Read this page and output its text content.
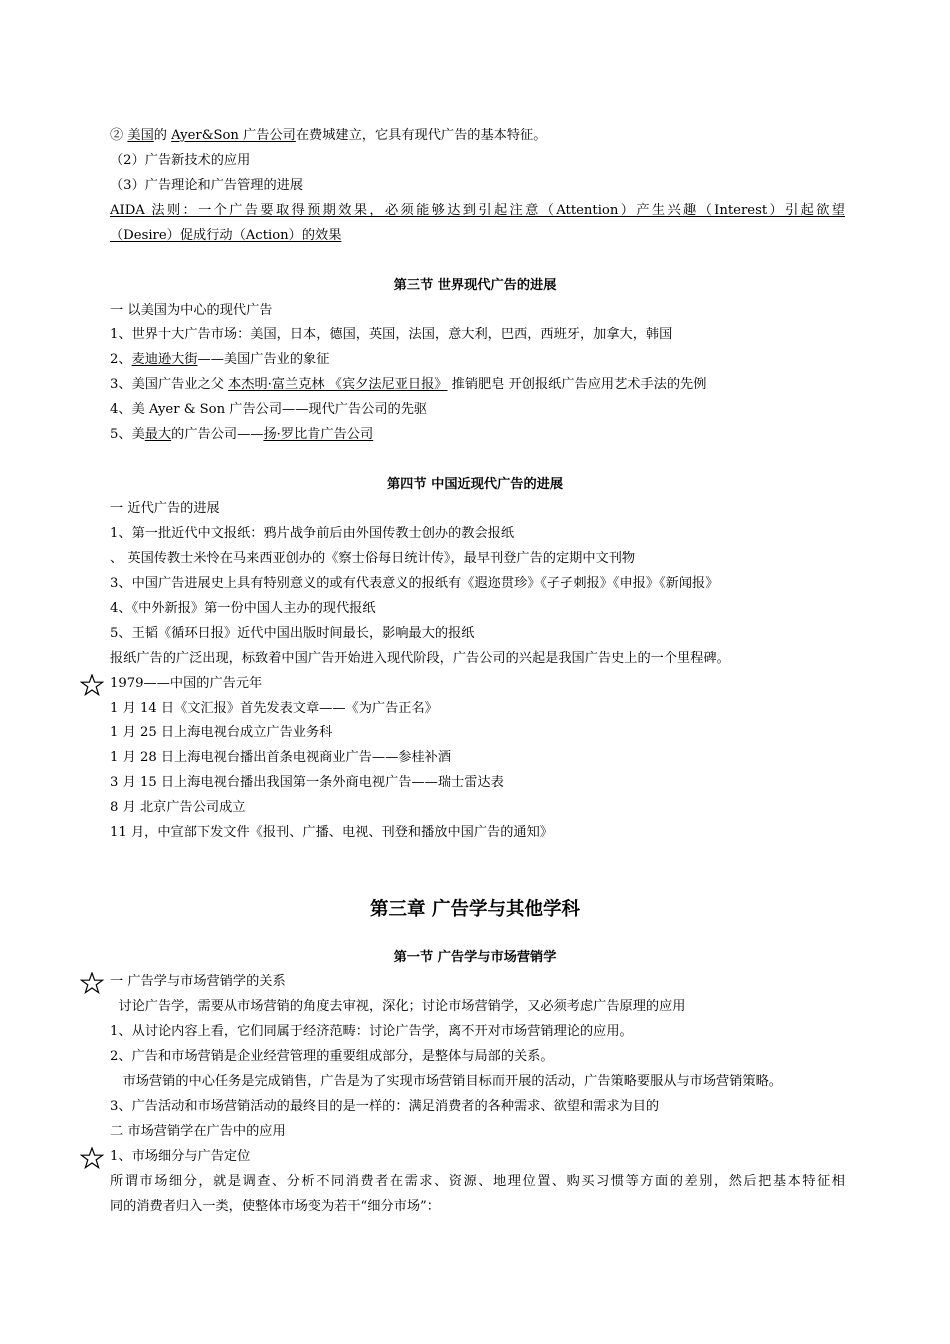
② 美国的 Ayer&Son 广告公司在费城建立，它具有现代广告的基本特征。
（2）广告新技术的应用
（3）广告理论和广告管理的进展
AIDA 法则：一个广告要取得预期效果，必须能够达到引起注意（Attention）产生兴趣（Interest）引起欲望
（Desire）促成行动（Action）的效果
第三节 世界现代广告的进展
一 以美国为中心的现代广告
1、世界十大广告市场：美国，日本，德国，英国，法国，意大利，巴西，西班牙，加拿大，韩国
2、麦迪逊大街——美国广告业的象征
3、美国广告业之父 本杰明·富兰克林 《宾夕法尼亚日报》 推销肥皂 开创报纸广告应用艺术手法的先例
4、美 Ayer & Son 广告公司——现代广告公司的先驱
5、美最大的广告公司——扬·罗比肯广告公司
第四节 中国近现代广告的进展
一 近代广告的进展
1、第一批近代中文报纸：鸦片战争前后由外国传教士创办的教会报纸
、 英国传教士米怜在马来西亚创办的《察士俗每日统计传》，最早刊登广告的定期中文刊物
3、中国广告进展史上具有特别意义的或有代表意义的报纸有《遐迩贯珍》《孑孑刺报》《申报》《新闻报》
4、《中外新报》第一份中国人主办的现代报纸
5、王韬《循环日报》近代中国出版时间最长，影响最大的报纸
报纸广告的广泛出现，标致着中国广告开始进入现代阶段，广告公司的兴起是我国广告史上的一个里程碑。
1979——中国的广告元年
1 月 14 日《文汇报》首先发表文章——《为广告正名》
1 月 25 日上海电视台成立广告业务科
1 月 28 日上海电视台播出首条电视商业广告——参桂补酒
3 月 15 日上海电视台播出我国第一条外商电视广告——瑞士雷达表
8 月 北京广告公司成立
11 月，中宣部下发文件《报刊、广播、电视、刊登和播放中国广告的通知》
第三章 广告学与其他学科
第一节 广告学与市场营销学
一 广告学与市场营销学的关系
讨论广告学，需要从市场营销的角度去审视，深化；讨论市场营销学，又必须考虑广告原理的应用
1、从讨论内容上看，它们同属于经济范畴：讨论广告学，离不开对市场营销理论的应用。
2、广告和市场营销是企业经营管理的重要组成部分，是整体与局部的关系。
市场营销的中心任务是完成销售，广告是为了实现市场营销目标而开展的活动，广告策略要服从与市场营销策略。
3、广告活动和市场营销活动的最终目的是一样的：满足消费者的各种需求、欲望和需求为目的
二 市场营销学在广告中的应用
1、市场细分与广告定位
所谓市场细分，就是调查、分析不同消费者在需求、资源、地理位置、购买习惯等方面的差别，然后把基本特征相
同的消费者归入一类，使整体市场变为若干“细分市场”：
